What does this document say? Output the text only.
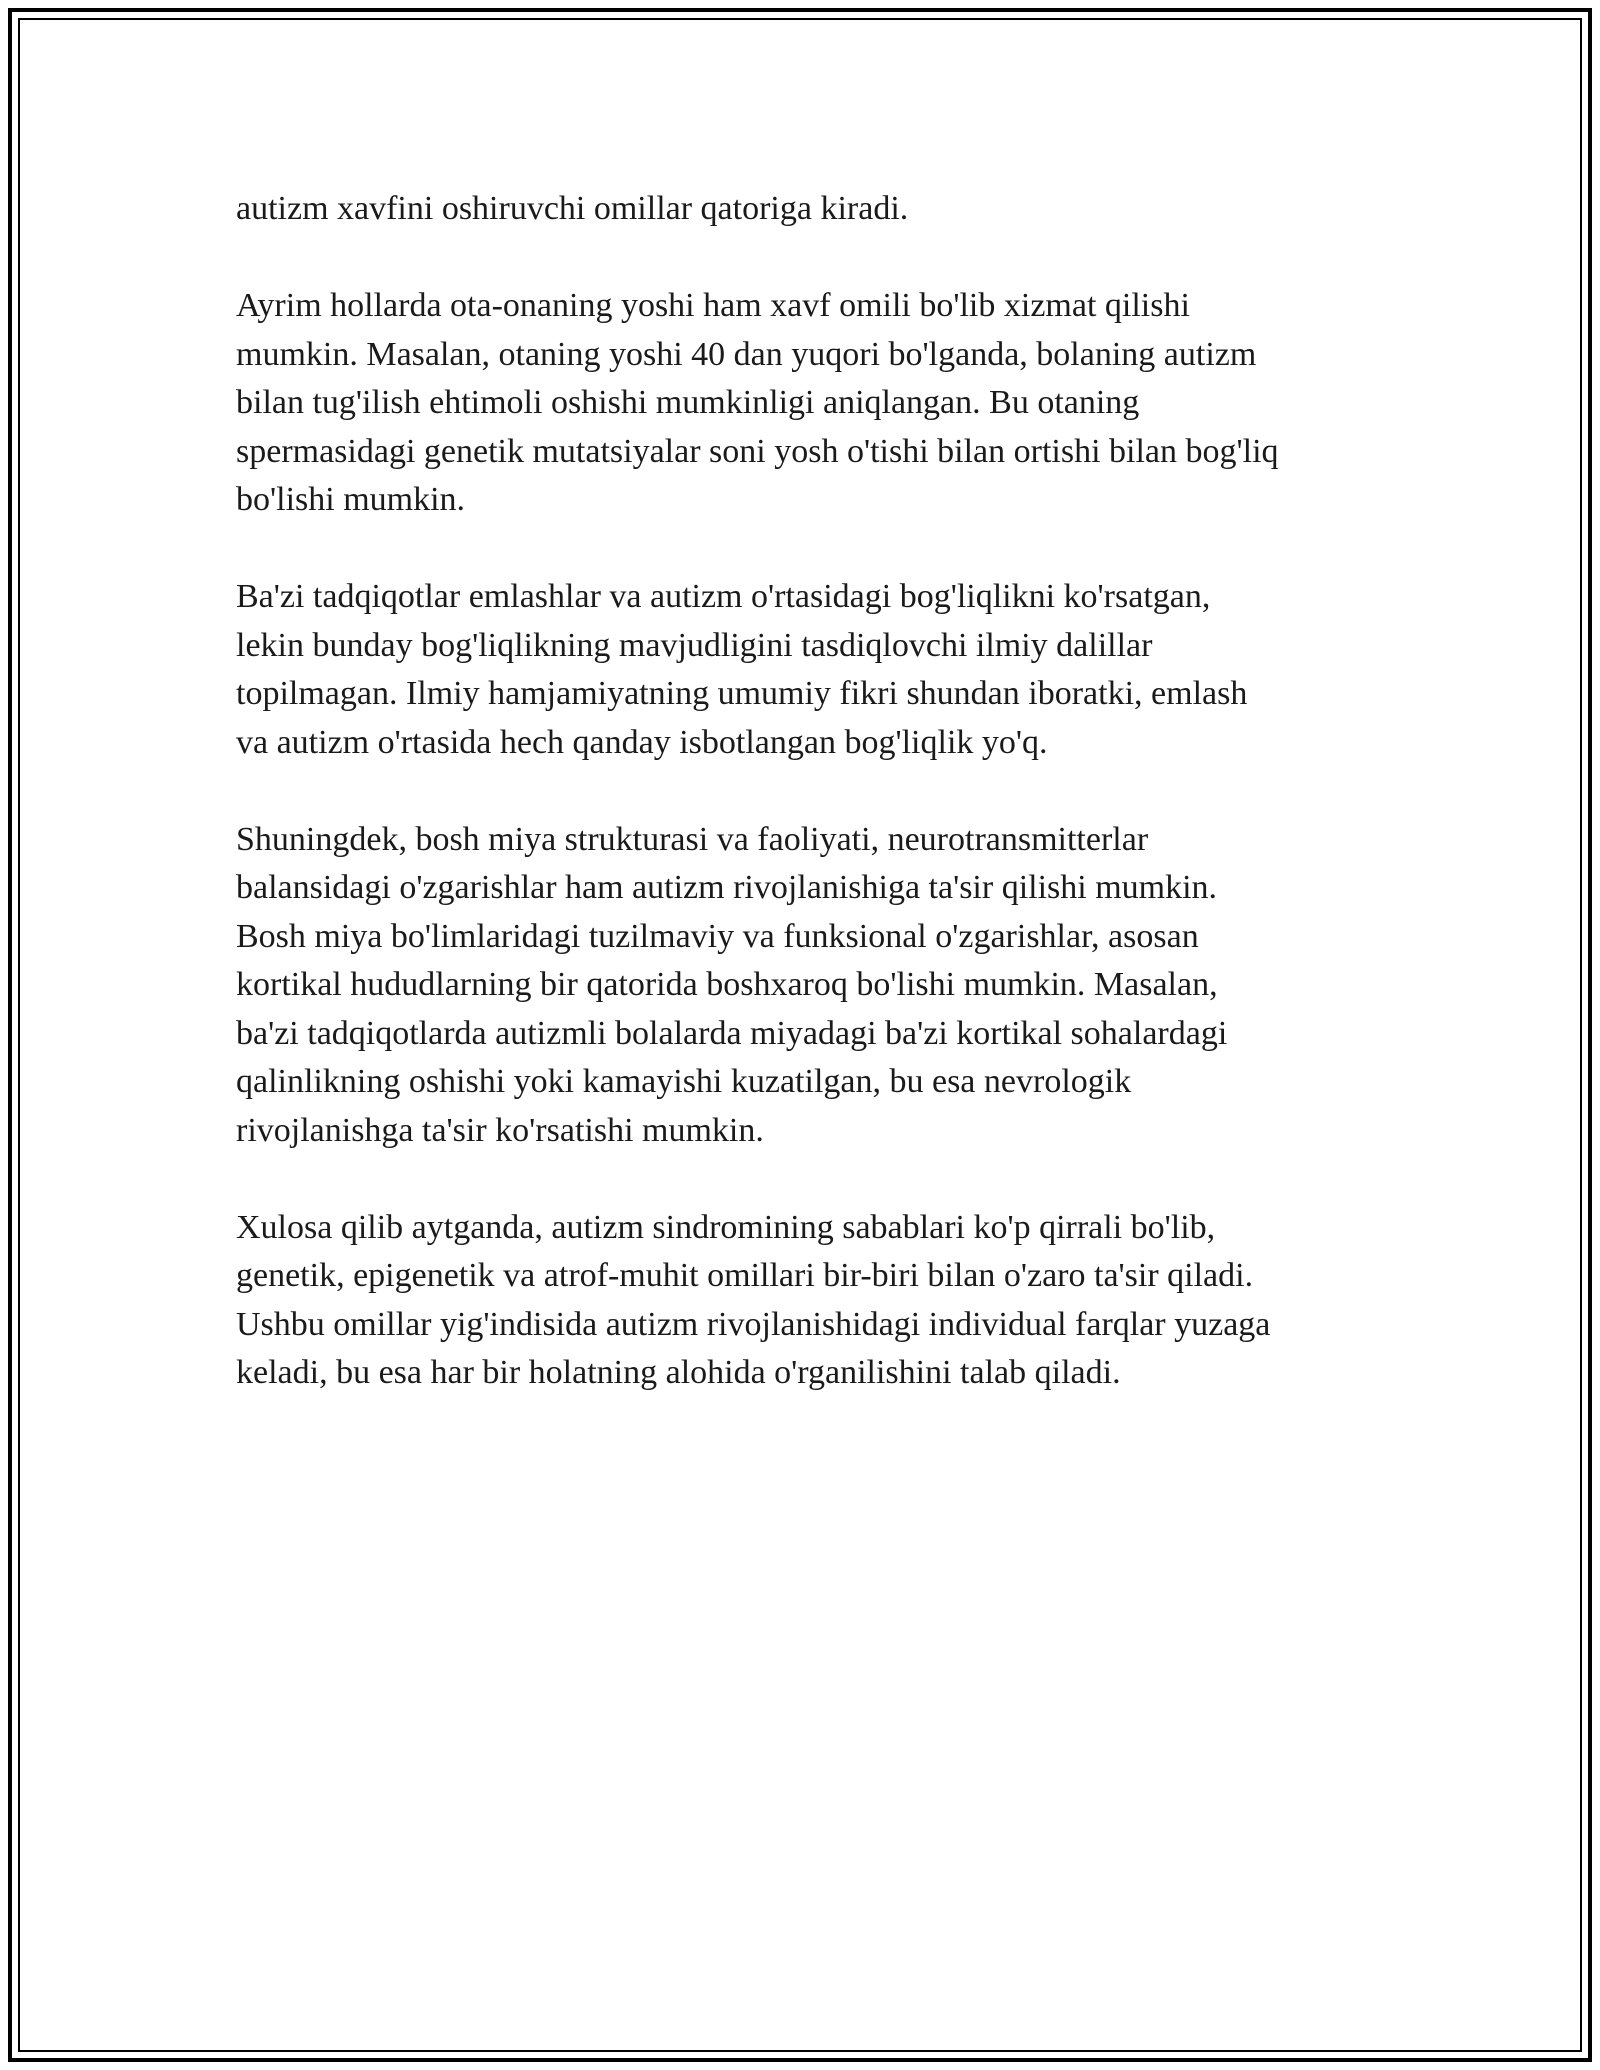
autizm xavfini oshiruvchi omillar qatoriga kiradi.

Ayrim hollarda ota-onaning yoshi ham xavf omili bo'lib xizmat qilishi
mumkin. Masalan, otaning yoshi 40 dan yuqori bo'lganda, bolaning autizm
bilan tug'ilish ehtimoli oshishi mumkinligi aniqlangan. Bu otaning
spermasidagi genetik mutatsiyalar soni yosh o'tishi bilan ortishi bilan bog'liq
bo'lishi mumkin.

Ba'zi tadqiqotlar emlashlar va autizm o'rtasidagi bog'liqlikni ko'rsatgan,
lekin bunday bog'liqlikning mavjudligini tasdiqlovchi ilmiy dalillar
topilmagan. Ilmiy hamjamiyatning umumiy fikri shundan iboratki, emlash
va autizm o'rtasida hech qanday isbotlangan bog'liqlik yo'q.

Shuningdek, bosh miya strukturasi va faoliyati, neurotransmitterlar
balansidagi o'zgarishlar ham autizm rivojlanishiga ta'sir qilishi mumkin.
Bosh miya bo'limlaridagi tuzilmaviy va funksional o'zgarishlar, asosan
kortikal hududlarning bir qatorida boshxaroq bo'lishi mumkin. Masalan,
ba'zi tadqiqotlarda autizmli bolalarda miyadagi ba'zi kortikal sohalardagi
qalinlikning oshishi yoki kamayishi kuzatilgan, bu esa nevrologik
rivojlanishga ta'sir ko'rsatishi mumkin.

Xulosa qilib aytganda, autizm sindromining sabablari ko'p qirrali bo'lib,
genetik, epigenetik va atrof-muhit omillari bir-biri bilan o'zaro ta'sir qiladi.
Ushbu omillar yig'indisida autizm rivojlanishidagi individual farqlar yuzaga
keladi, bu esa har bir holatning alohida o'rganilishini talab qiladi.
